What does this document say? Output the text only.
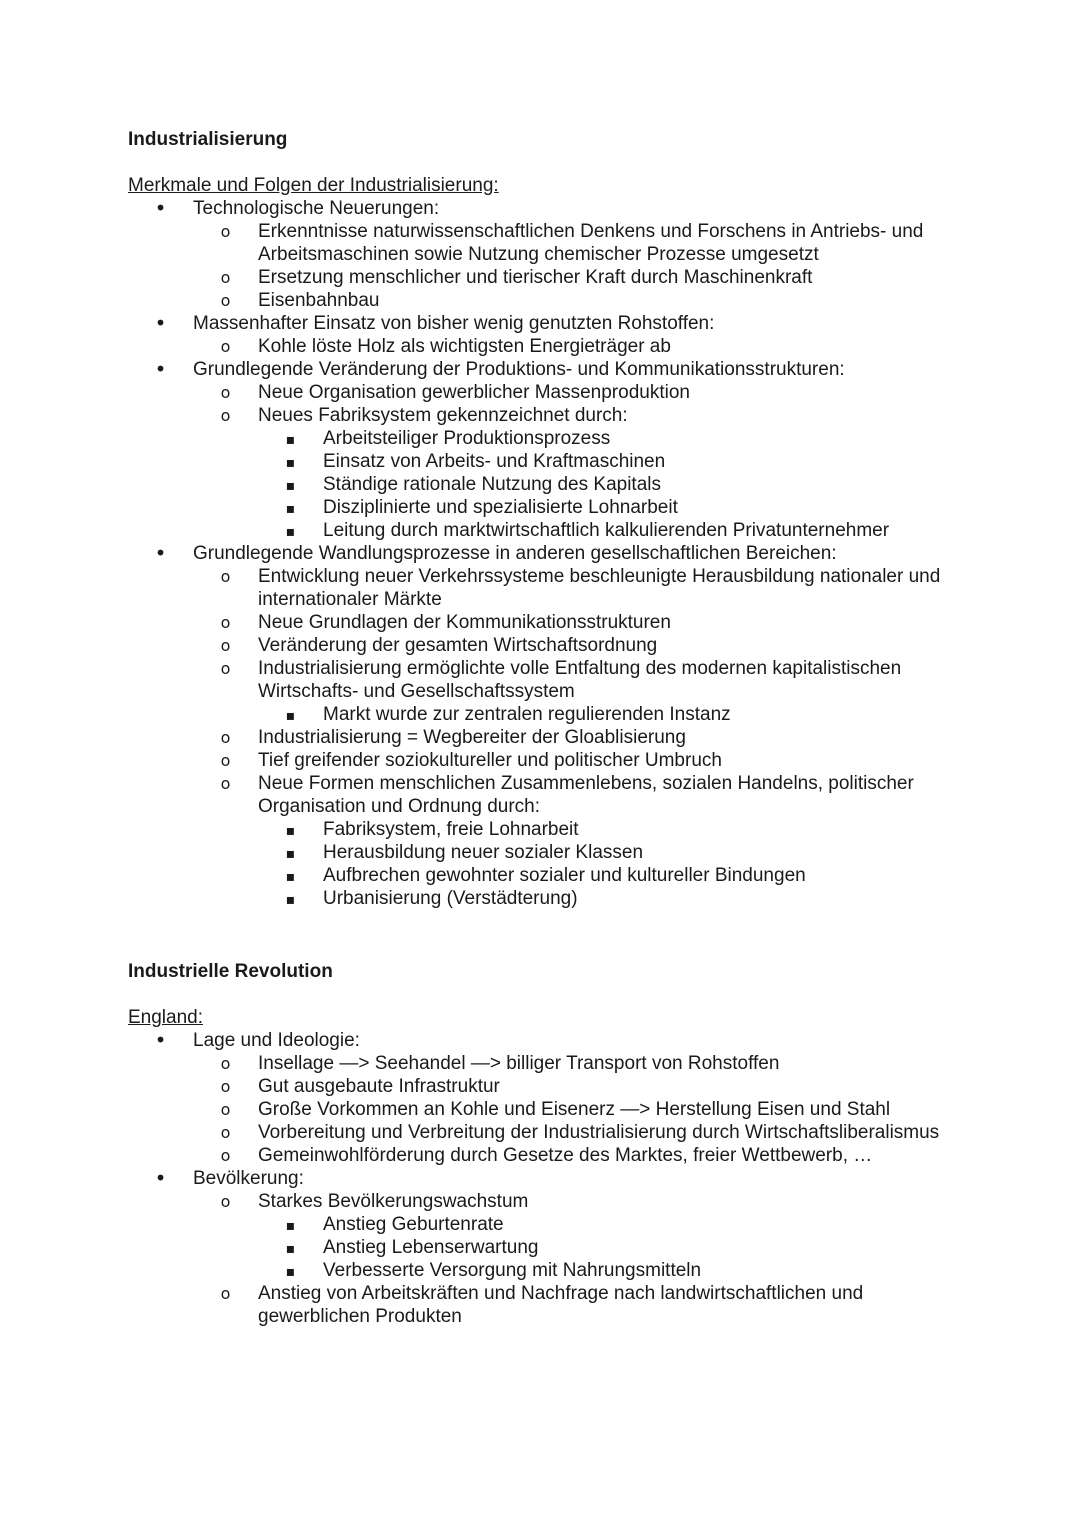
Industrialisierung

Merkmale und Folgen der Industrialisierung:

•
Technologische Neuerungen:
o
Erkenntnisse naturwissenschaftlichen Denkens und Forschens in Antriebs- und Arbeitsmaschinen sowie Nutzung chemischer Prozesse umgesetzt
o
Ersetzung menschlicher und tierischer Kraft durch Maschinenkraft
o
Eisenbahnbau
•
Massenhafter Einsatz von bisher wenig genutzten Rohstoffen:
o
Kohle löste Holz als wichtigsten Energieträger ab
•
Grundlegende Veränderung der Produktions- und Kommunikationsstrukturen:
o
Neue Organisation gewerblicher Massenproduktion
o
Neues Fabriksystem gekennzeichnet durch:
▪
Arbeitsteiliger Produktionsprozess
▪
Einsatz von Arbeits- und Kraftmaschinen
▪
Ständige rationale Nutzung des Kapitals
▪
Disziplinierte und spezialisierte Lohnarbeit
▪
Leitung durch marktwirtschaftlich kalkulierenden Privatunternehmer
•
Grundlegende Wandlungsprozesse in anderen gesellschaftlichen Bereichen:
o
Entwicklung neuer Verkehrssysteme beschleunigte Herausbildung nationaler und internationaler Märkte
o
Neue Grundlagen der Kommunikationsstrukturen
o
Veränderung der gesamten Wirtschaftsordnung
o
Industrialisierung ermöglichte volle Entfaltung des modernen kapitalistischen Wirtschafts- und Gesellschaftssystem
▪
Markt wurde zur zentralen regulierenden Instanz
o
Industrialisierung = Wegbereiter der Gloablisierung
o
Tief greifender soziokultureller und politischer Umbruch
o
Neue Formen menschlichen Zusammenlebens, sozialen Handelns, politischer Organisation und Ordnung durch:
▪
Fabriksystem, freie Lohnarbeit
▪
Herausbildung neuer sozialer Klassen
▪
Aufbrechen gewohnter sozialer und kultureller Bindungen
▪
Urbanisierung (Verstädterung)

Industrielle Revolution

England:

•
Lage und Ideologie:
o
Insellage —> Seehandel —> billiger Transport von Rohstoffen
o
Gut ausgebaute Infrastruktur
o
Große Vorkommen an Kohle und Eisenerz —> Herstellung Eisen und Stahl
o
Vorbereitung und Verbreitung der Industrialisierung durch Wirtschaftsliberalismus
o
Gemeinwohlförderung durch Gesetze des Marktes, freier Wettbewerb, …
•
Bevölkerung:
o
Starkes Bevölkerungswachstum
▪
Anstieg Geburtenrate
▪
Anstieg Lebenserwartung
▪
Verbesserte Versorgung mit Nahrungsmitteln
o
Anstieg von Arbeitskräften und Nachfrage nach landwirtschaftlichen und gewerblichen Produkten
